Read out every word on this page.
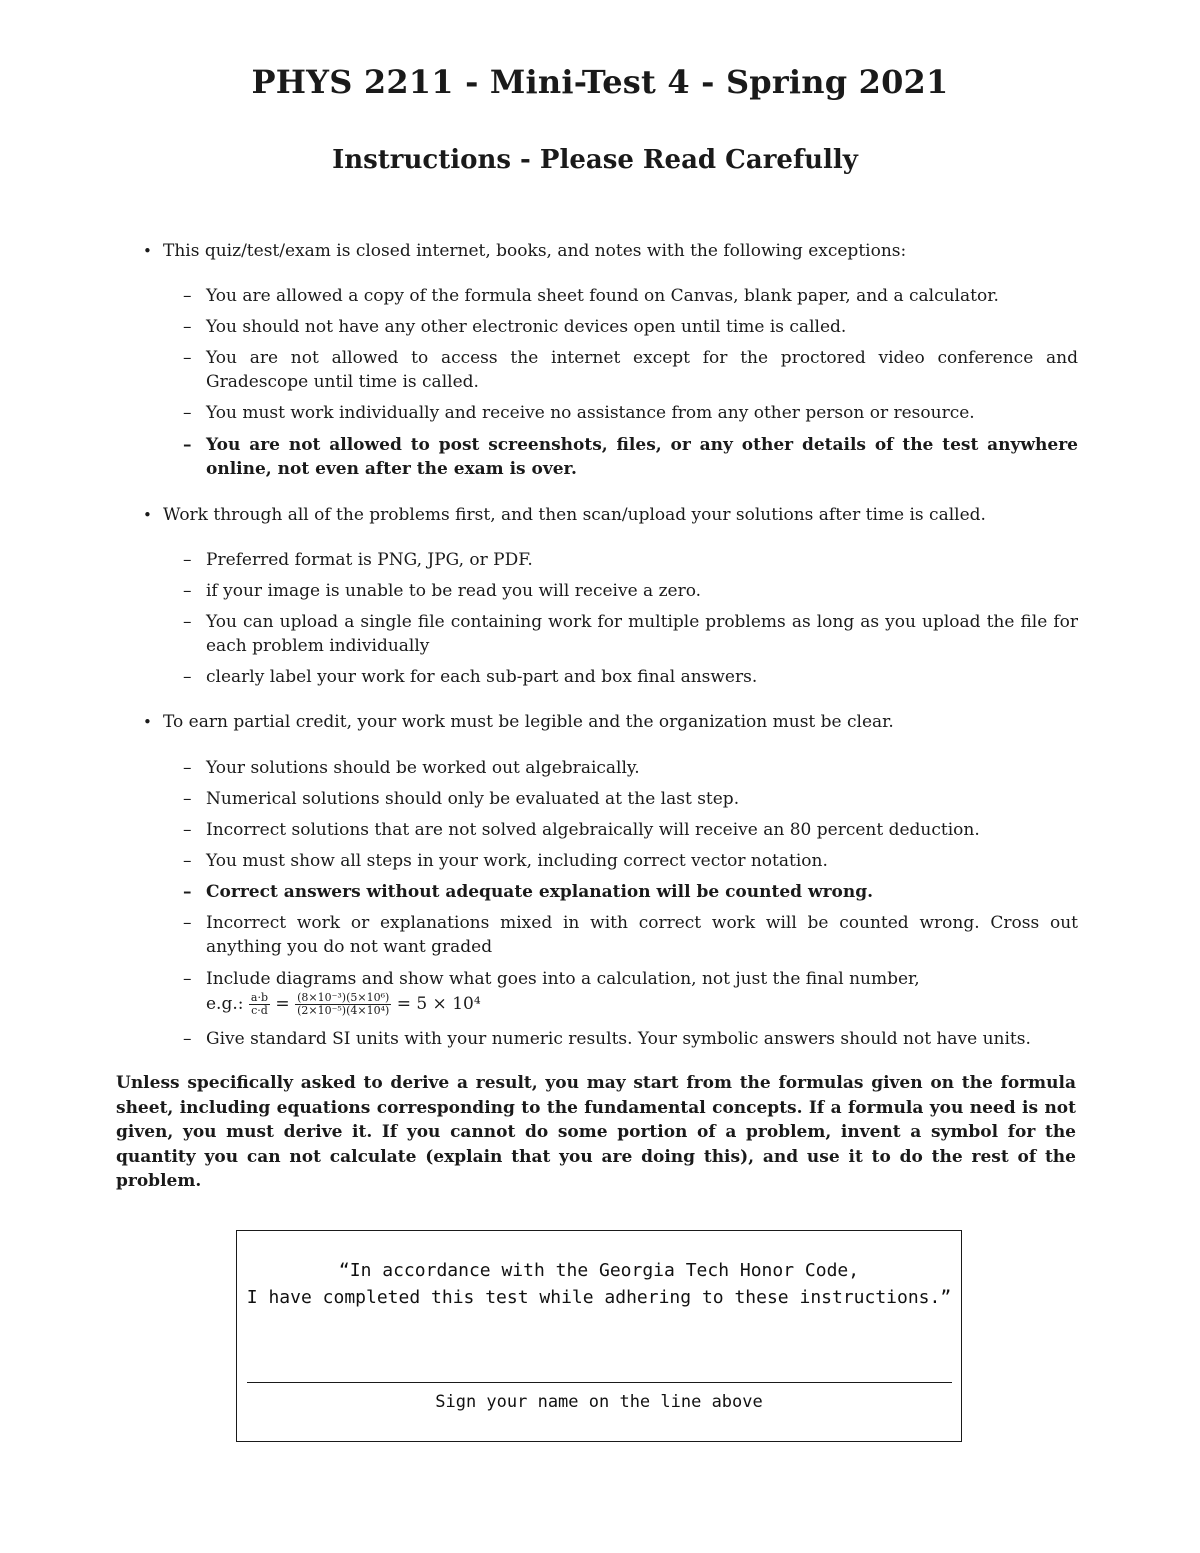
PHYS 2211 - Mini-Test 4 - Spring 2021
Instructions - Please Read Carefully
• This quiz/test/exam is closed internet, books, and notes with the following exceptions:
– You are allowed a copy of the formula sheet found on Canvas, blank paper, and a calculator.
– You should not have any other electronic devices open until time is called.
– You are not allowed to access the internet except for the proctored video conference and Gradescope until time is called.
– You must work individually and receive no assistance from any other person or resource.
– You are not allowed to post screenshots, files, or any other details of the test anywhere online, not even after the exam is over.
• Work through all of the problems first, and then scan/upload your solutions after time is called.
– Preferred format is PNG, JPG, or PDF.
– if your image is unable to be read you will receive a zero.
– You can upload a single file containing work for multiple problems as long as you upload the file for each problem individually
– clearly label your work for each sub-part and box final answers.
• To earn partial credit, your work must be legible and the organization must be clear.
– Your solutions should be worked out algebraically.
– Numerical solutions should only be evaluated at the last step.
– Incorrect solutions that are not solved algebraically will receive an 80 percent deduction.
– You must show all steps in your work, including correct vector notation.
– Correct answers without adequate explanation will be counted wrong.
– Incorrect work or explanations mixed in with correct work will be counted wrong. Cross out anything you do not want graded
– Include diagrams and show what goes into a calculation, not just the final number,
e.g.: $\frac{a\cdot b}{c\cdot d} = \frac{\text{(8×10⁻³)(5×10⁶)}}{\text{(2×10⁻⁵)(4×10⁴)}} = 5 \times 10^4$
– Give standard SI units with your numeric results. Your symbolic answers should not have units.
Unless specifically asked to derive a result, you may start from the formulas given on the formula sheet, including equations corresponding to the fundamental concepts. If a formula you need is not given, you must derive it. If you cannot do some portion of a problem, invent a symbol for the quantity you can not calculate (explain that you are doing this), and use it to do the rest of the problem.
“In accordance with the Georgia Tech Honor Code,
I have completed this test while adhering to these instructions.”
Sign your name on the line above
